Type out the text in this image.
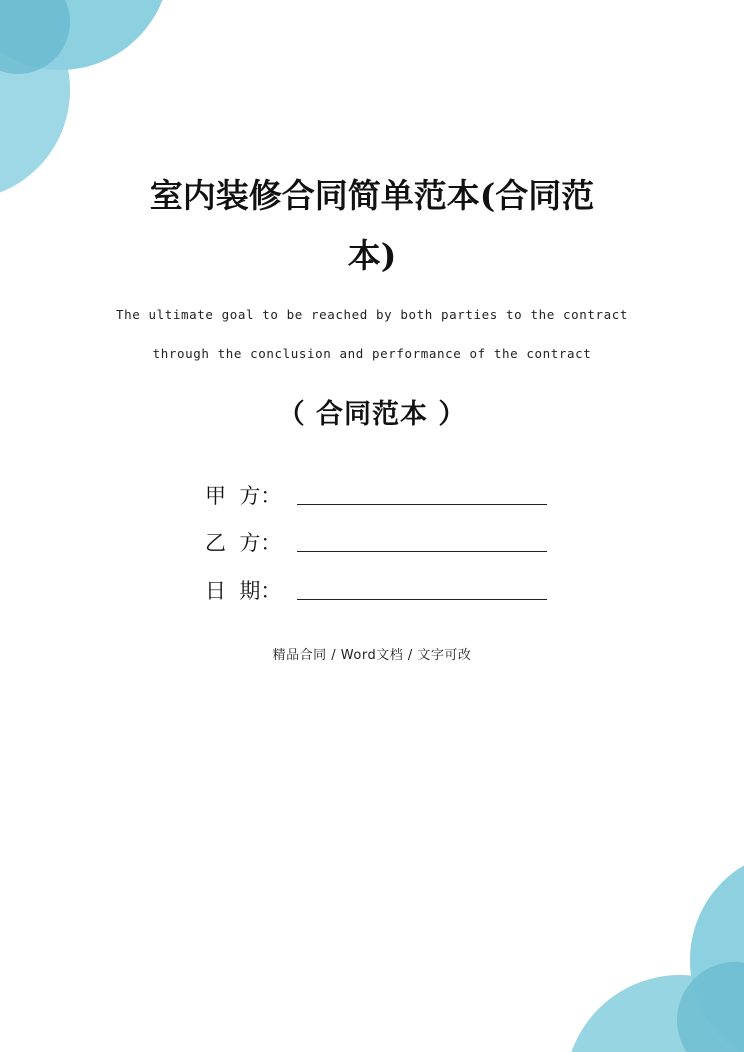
室内装修合同简单范本(合同范
本)
The ultimate goal to be reached by both parties to the contract
through the conclusion and performance of the contract
（ 合同范本 ）
甲  方：
乙  方：
日  期：
精品合同 / Word文档 / 文字可改
